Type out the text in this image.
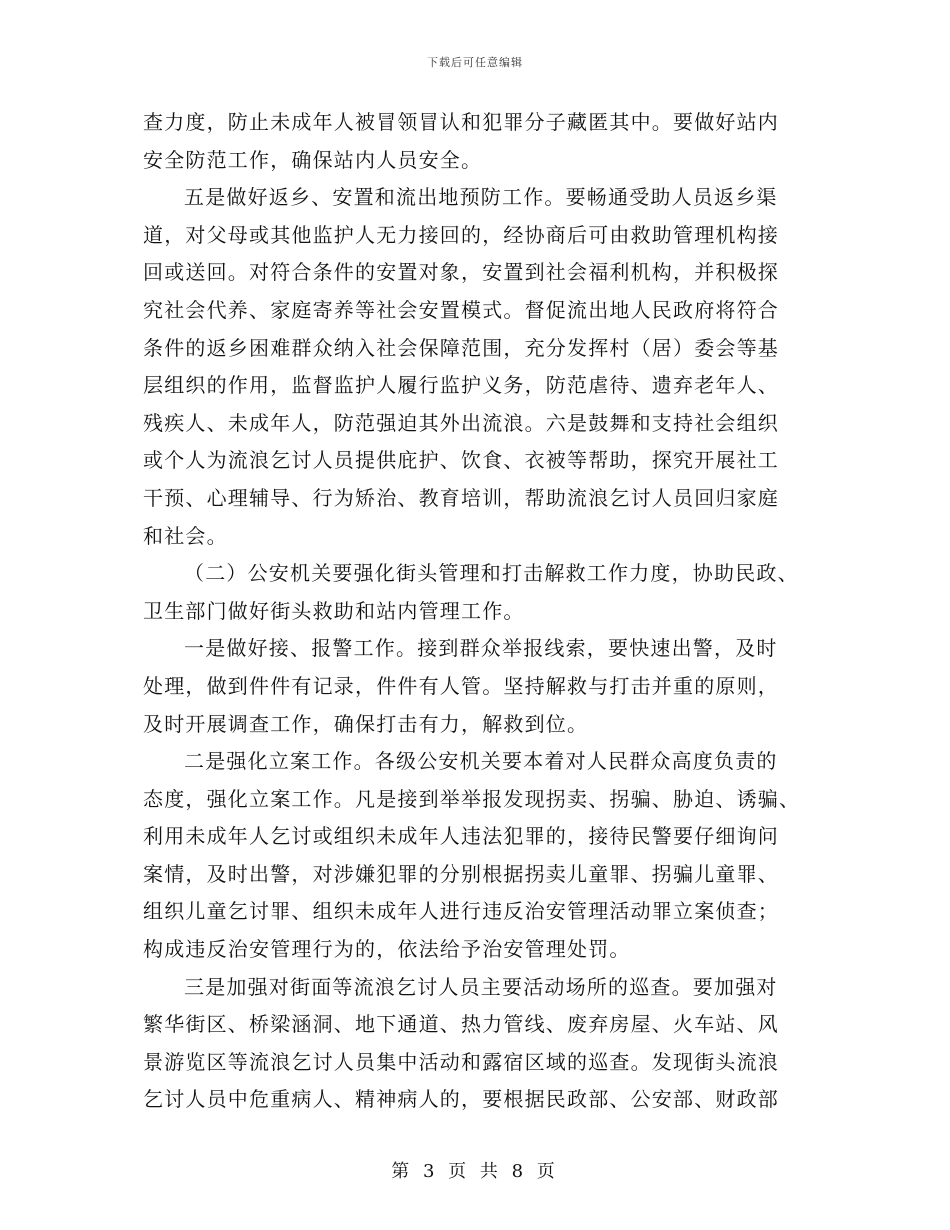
下载后可任意编辑
查力度，防止未成年人被冒领冒认和犯罪分子藏匿其中。要做好站内
安全防范工作，确保站内人员安全。
五是做好返乡、安置和流出地预防工作。要畅通受助人员返乡渠
道，对父母或其他监护人无力接回的，经协商后可由救助管理机构接
回或送回。对符合条件的安置对象，安置到社会福利机构，并积极探
究社会代养、家庭寄养等社会安置模式。督促流出地人民政府将符合
条件的返乡困难群众纳入社会保障范围，充分发挥村（居）委会等基
层组织的作用，监督监护人履行监护义务，防范虐待、遗弃老年人、
残疾人、未成年人，防范强迫其外出流浪。六是鼓舞和支持社会组织
或个人为流浪乞讨人员提供庇护、饮食、衣被等帮助，探究开展社工
干预、心理辅导、行为矫治、教育培训，帮助流浪乞讨人员回归家庭
和社会。
（二）公安机关要强化街头管理和打击解救工作力度，协助民政、
卫生部门做好街头救助和站内管理工作。
一是做好接、报警工作。接到群众举报线索，要快速出警，及时
处理，做到件件有记录，件件有人管。坚持解救与打击并重的原则，
及时开展调查工作，确保打击有力，解救到位。
二是强化立案工作。各级公安机关要本着对人民群众高度负责的
态度，强化立案工作。凡是接到举举报发现拐卖、拐骗、胁迫、诱骗、
利用未成年人乞讨或组织未成年人违法犯罪的，接待民警要仔细询问
案情，及时出警，对涉嫌犯罪的分别根据拐卖儿童罪、拐骗儿童罪、
组织儿童乞讨罪、组织未成年人进行违反治安管理活动罪立案侦查；
构成违反治安管理行为的，依法给予治安管理处罚。
三是加强对街面等流浪乞讨人员主要活动场所的巡查。要加强对
繁华街区、桥梁涵洞、地下通道、热力管线、废弃房屋、火车站、风
景游览区等流浪乞讨人员集中活动和露宿区域的巡查。发现街头流浪
乞讨人员中危重病人、精神病人的，要根据民政部、公安部、财政部
第 3 页 共 8 页
